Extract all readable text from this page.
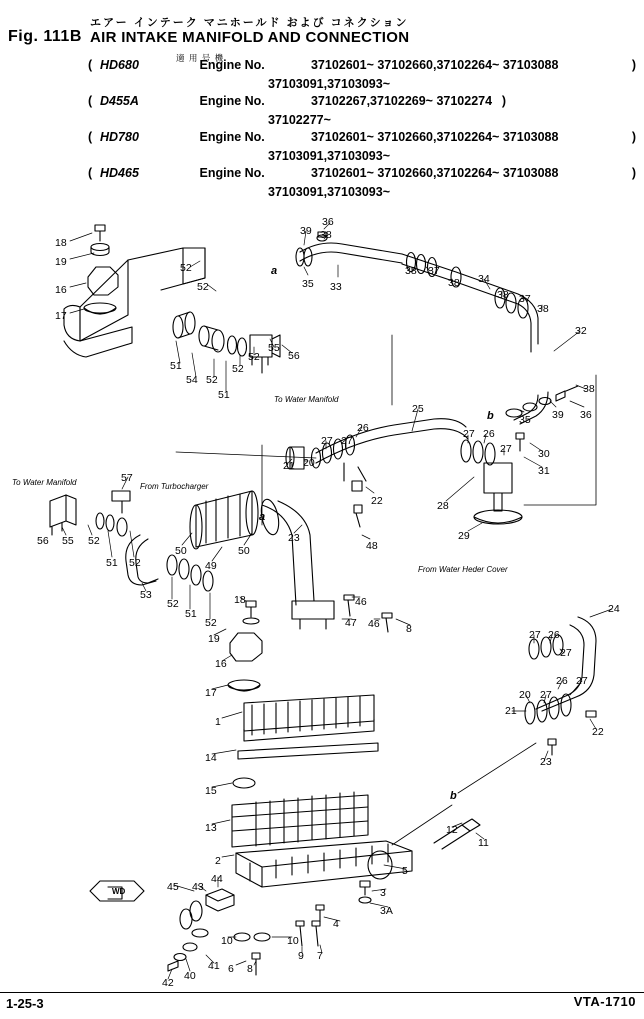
Fig. 111B
エアー インテーク マニホールド および コネクション
AIR INTAKE MANIFOLD AND CONNECTION
適 用 号 機
( HD680	Engine No.	37102601~ 37102660,37102264~ 37103088	)
37103091,37103093~
( D455A	Engine No.	37102267,37102269~ 37102274 )
37102277~
( HD780	Engine No.	37102601~ 37102660,37102264~ 37103088	)
37103091,37103093~
( HD465	Engine No.	37102601~ 37102660,37102264~ 37103088	)
37103091,37103093~
To Water Manifold
To Water Manifold	From Turbocharger
From Water Heder Cover
a
b
a
b
WD
18
19
16
17
52
52
51
54 52
51
52
52
55
56
39
36
38
35 33
38 37
38 34
38 37
38
32
38
36
39
35
25
26
27 27
20
21
22
23
48
27 26
27	30
31
28
29
57
56 55 52
51 52
50
49
50
53
52
51
52
19
18
16
17
1
14
15
13
2
46
47 46	8	27 26
27
24
26 27
20 27
21
22
23
12
11
5
3
3A
4
45 43
44
10
9
10
7
6 8
41
40
42
1-25-3	VTA-1710
